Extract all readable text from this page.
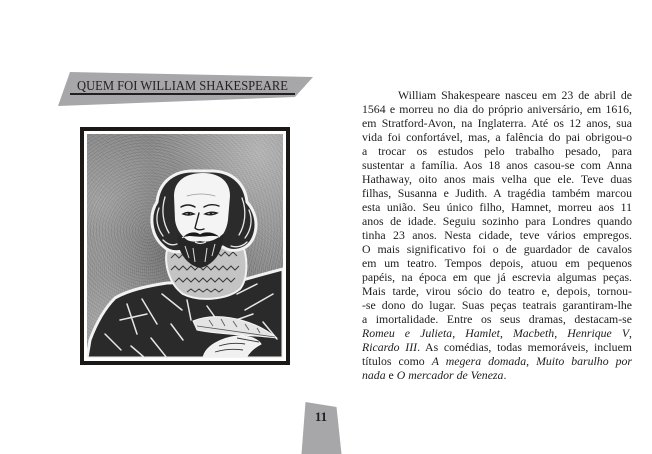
QUEM FOI WILLIAM SHAKESPEARE
11
William Shakespeare nasceu em 23 de abril de
1564 e morreu no dia do próprio aniversário, em 1616,
em Stratford-Avon, na Inglaterra. Até os 12 anos, sua
vida foi confortável, mas, a falência do pai obrigou-o
a trocar os estudos pelo trabalho pesado, para
sustentar a família. Aos 18 anos casou-se com Anna
Hathaway, oito anos mais velha que ele. Teve duas
filhas, Susanna e Judith. A tragédia também marcou
esta união. Seu único filho, Hamnet, morreu aos 11
anos de idade. Seguiu sozinho para Londres quando
tinha 23 anos. Nesta cidade, teve vários empregos.
O mais significativo foi o de guardador de cavalos
em um teatro. Tempos depois, atuou em pequenos
papéis, na época em que já escrevia algumas peças.
Mais tarde, virou sócio do teatro e, depois, tornou-
-se dono do lugar. Suas peças teatrais garantiram-lhe
a imortalidade. Entre os seus dramas, destacam-se
Romeu e Julieta, Hamlet, Macbeth, Henrique V,
Ricardo III. As comédias, todas memoráveis, incluem
títulos como A megera domada, Muito barulho por
nada e O mercador de Veneza.
